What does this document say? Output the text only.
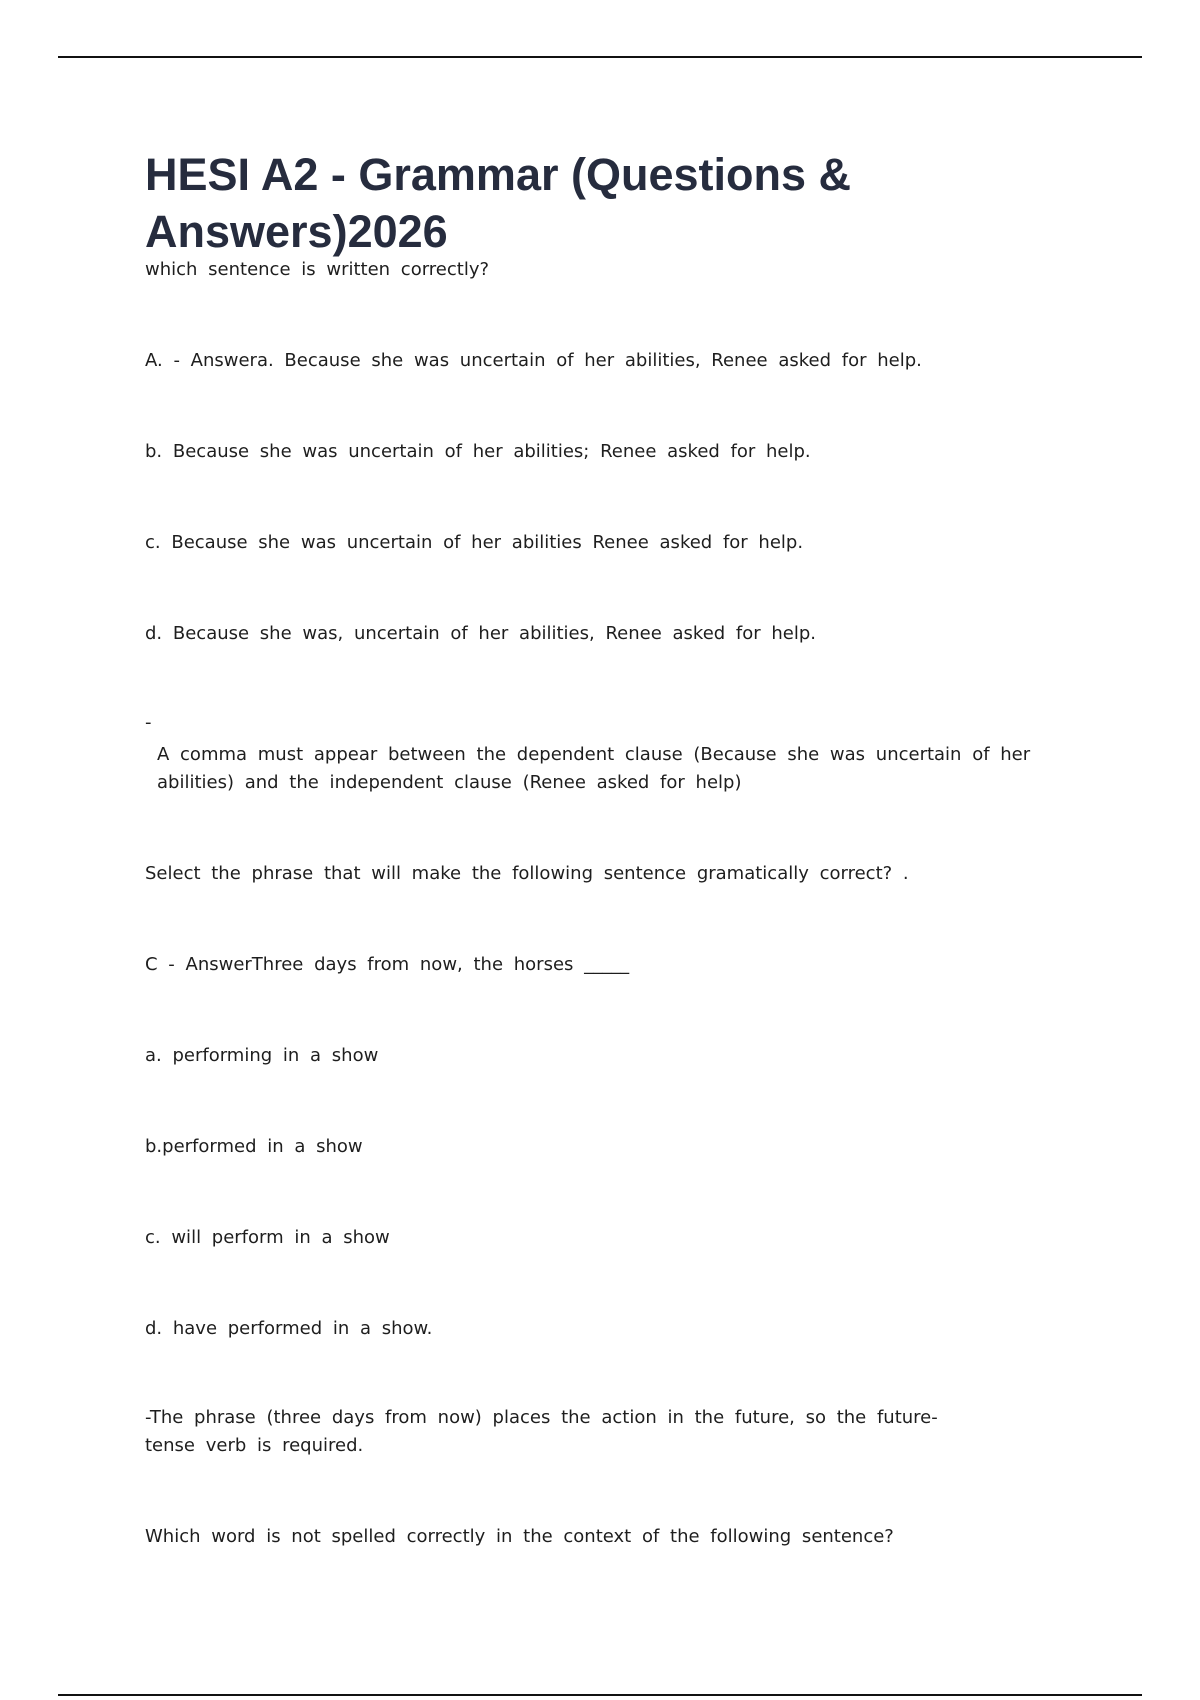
HESI A2 - Grammar (Questions & Answers)2026

which sentence is written correctly?

A. - Answera. Because she was uncertain of her abilities, Renee asked for help.

b. Because she was uncertain of her abilities; Renee asked for help.

c. Because she was uncertain of her abilities Renee asked for help.

d. Because she was, uncertain of her abilities, Renee asked for help.

-

A comma must appear between the dependent clause (Because she was uncertain of her

abilities) and the independent clause (Renee asked for help)

Select the phrase that will make the following sentence gramatically correct? .

C - AnswerThree days from now, the horses _____

a. performing in a show

b.performed in a show

c. will perform in a show

d. have performed in a show.

-The phrase (three days from now) places the action in the future, so the future-

tense verb is required.

Which word is not spelled correctly in the context of the following sentence?
